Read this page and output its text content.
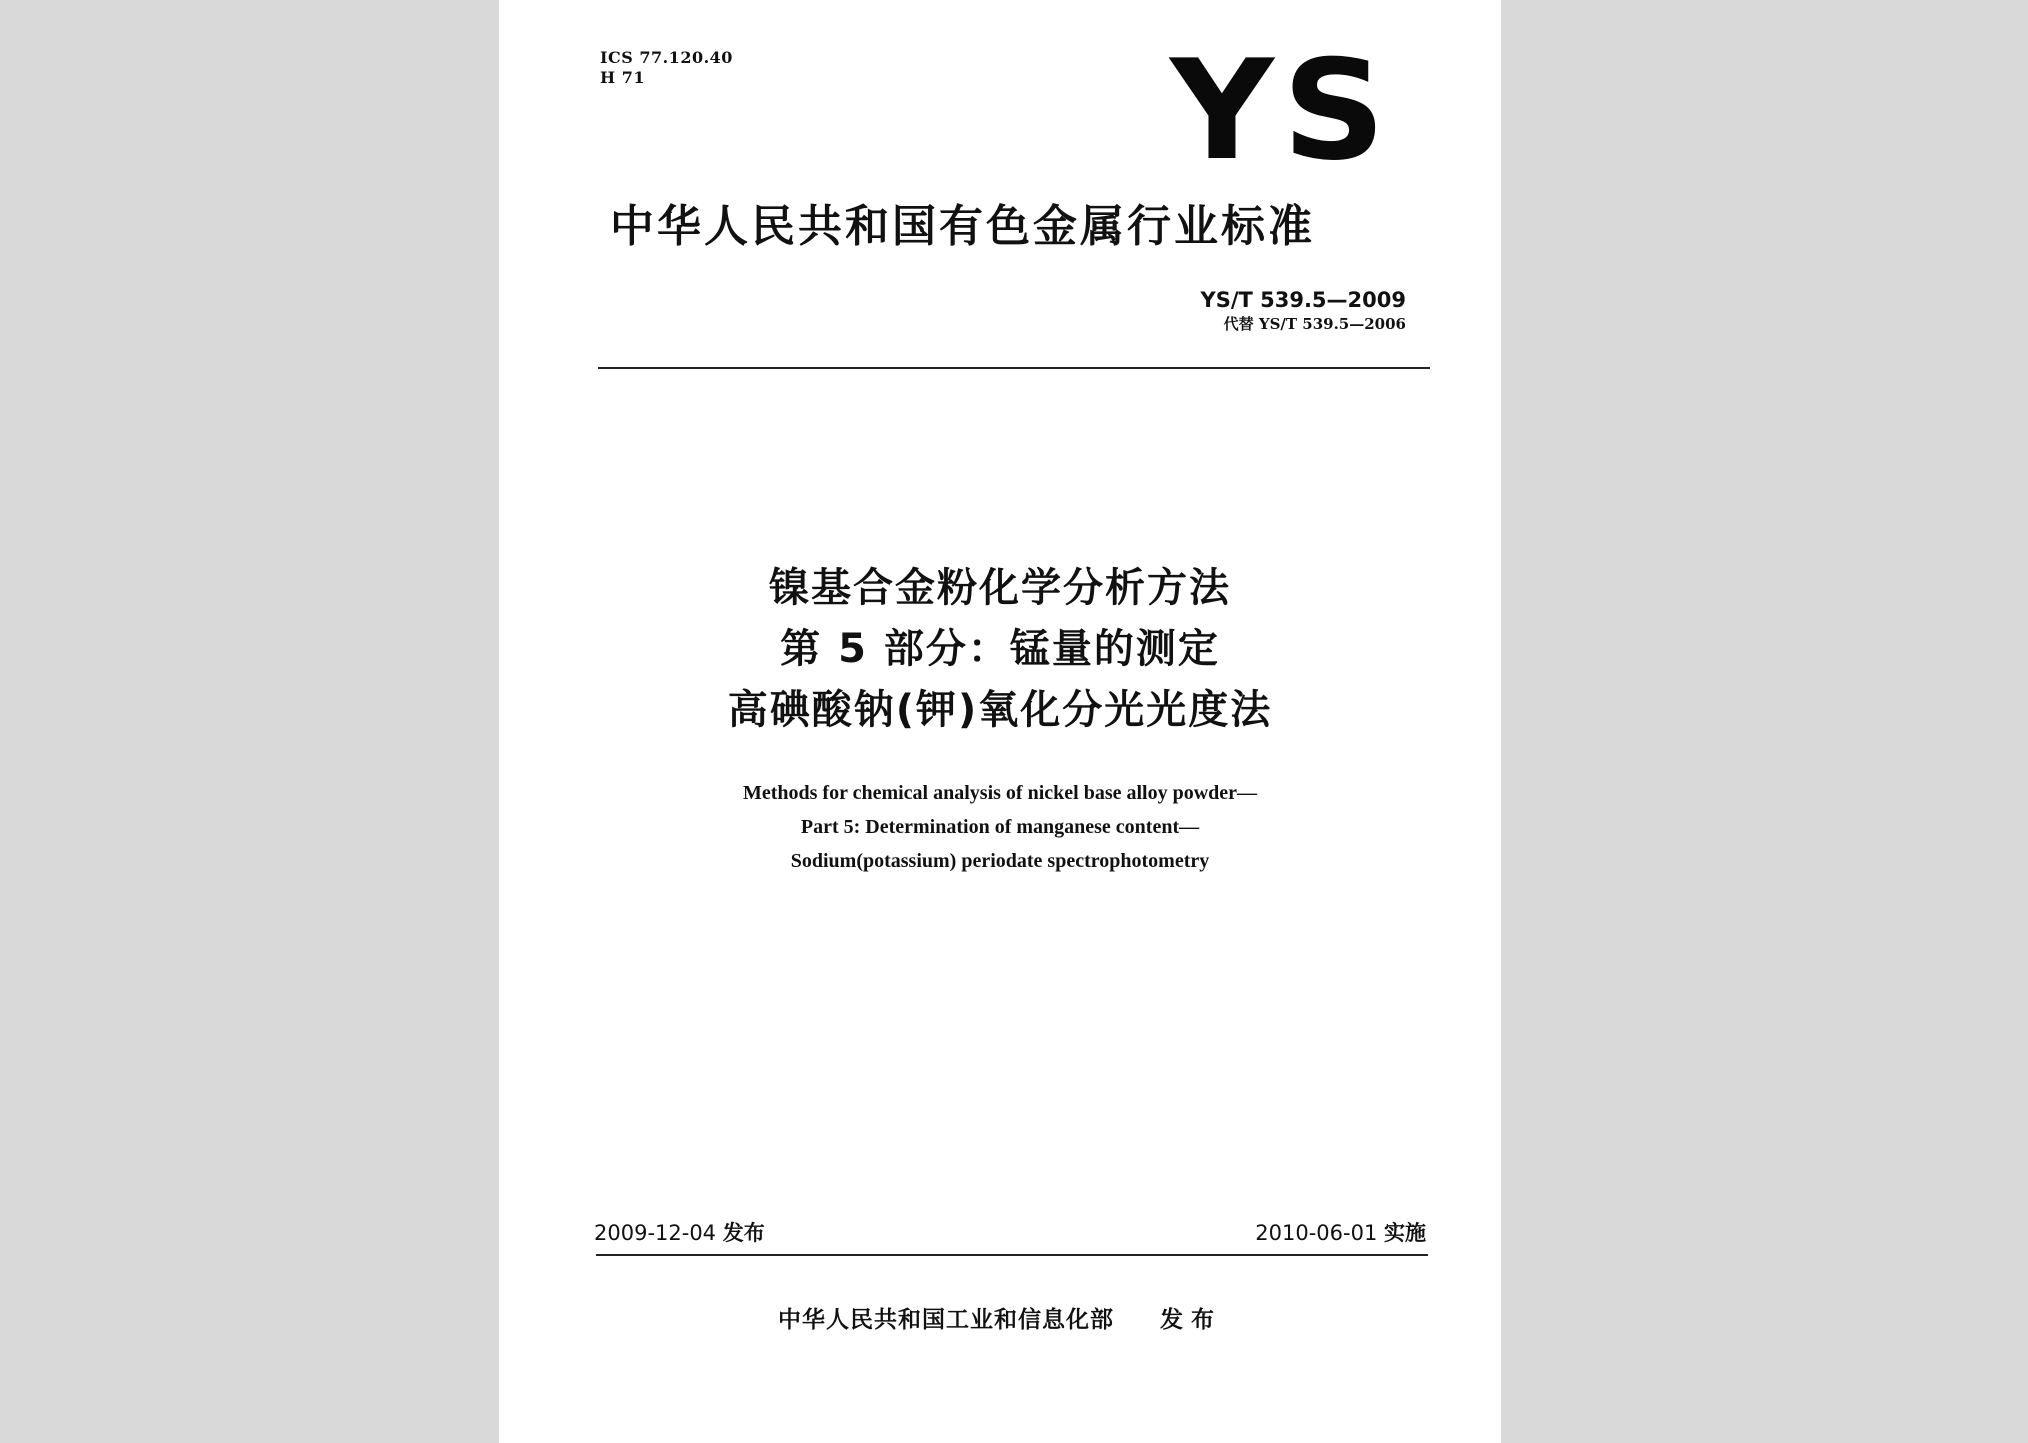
ICS 77.120.40
H 71	YS
中华人民共和国有色金属行业标准
YS/T 539.5—2009
代替 YS/T 539.5—2006
镍基合金粉化学分析方法
第 5 部分：锰量的测定
高碘酸钠(钾)氧化分光光度法
Methods for chemical analysis of nickel base alloy powder—
Part 5: Determination of manganese content—
Sodium(potassium) periodate spectrophotometry
2009-12-04 发布	2010-06-01 实施
中华人民共和国工业和信息化部 发布
